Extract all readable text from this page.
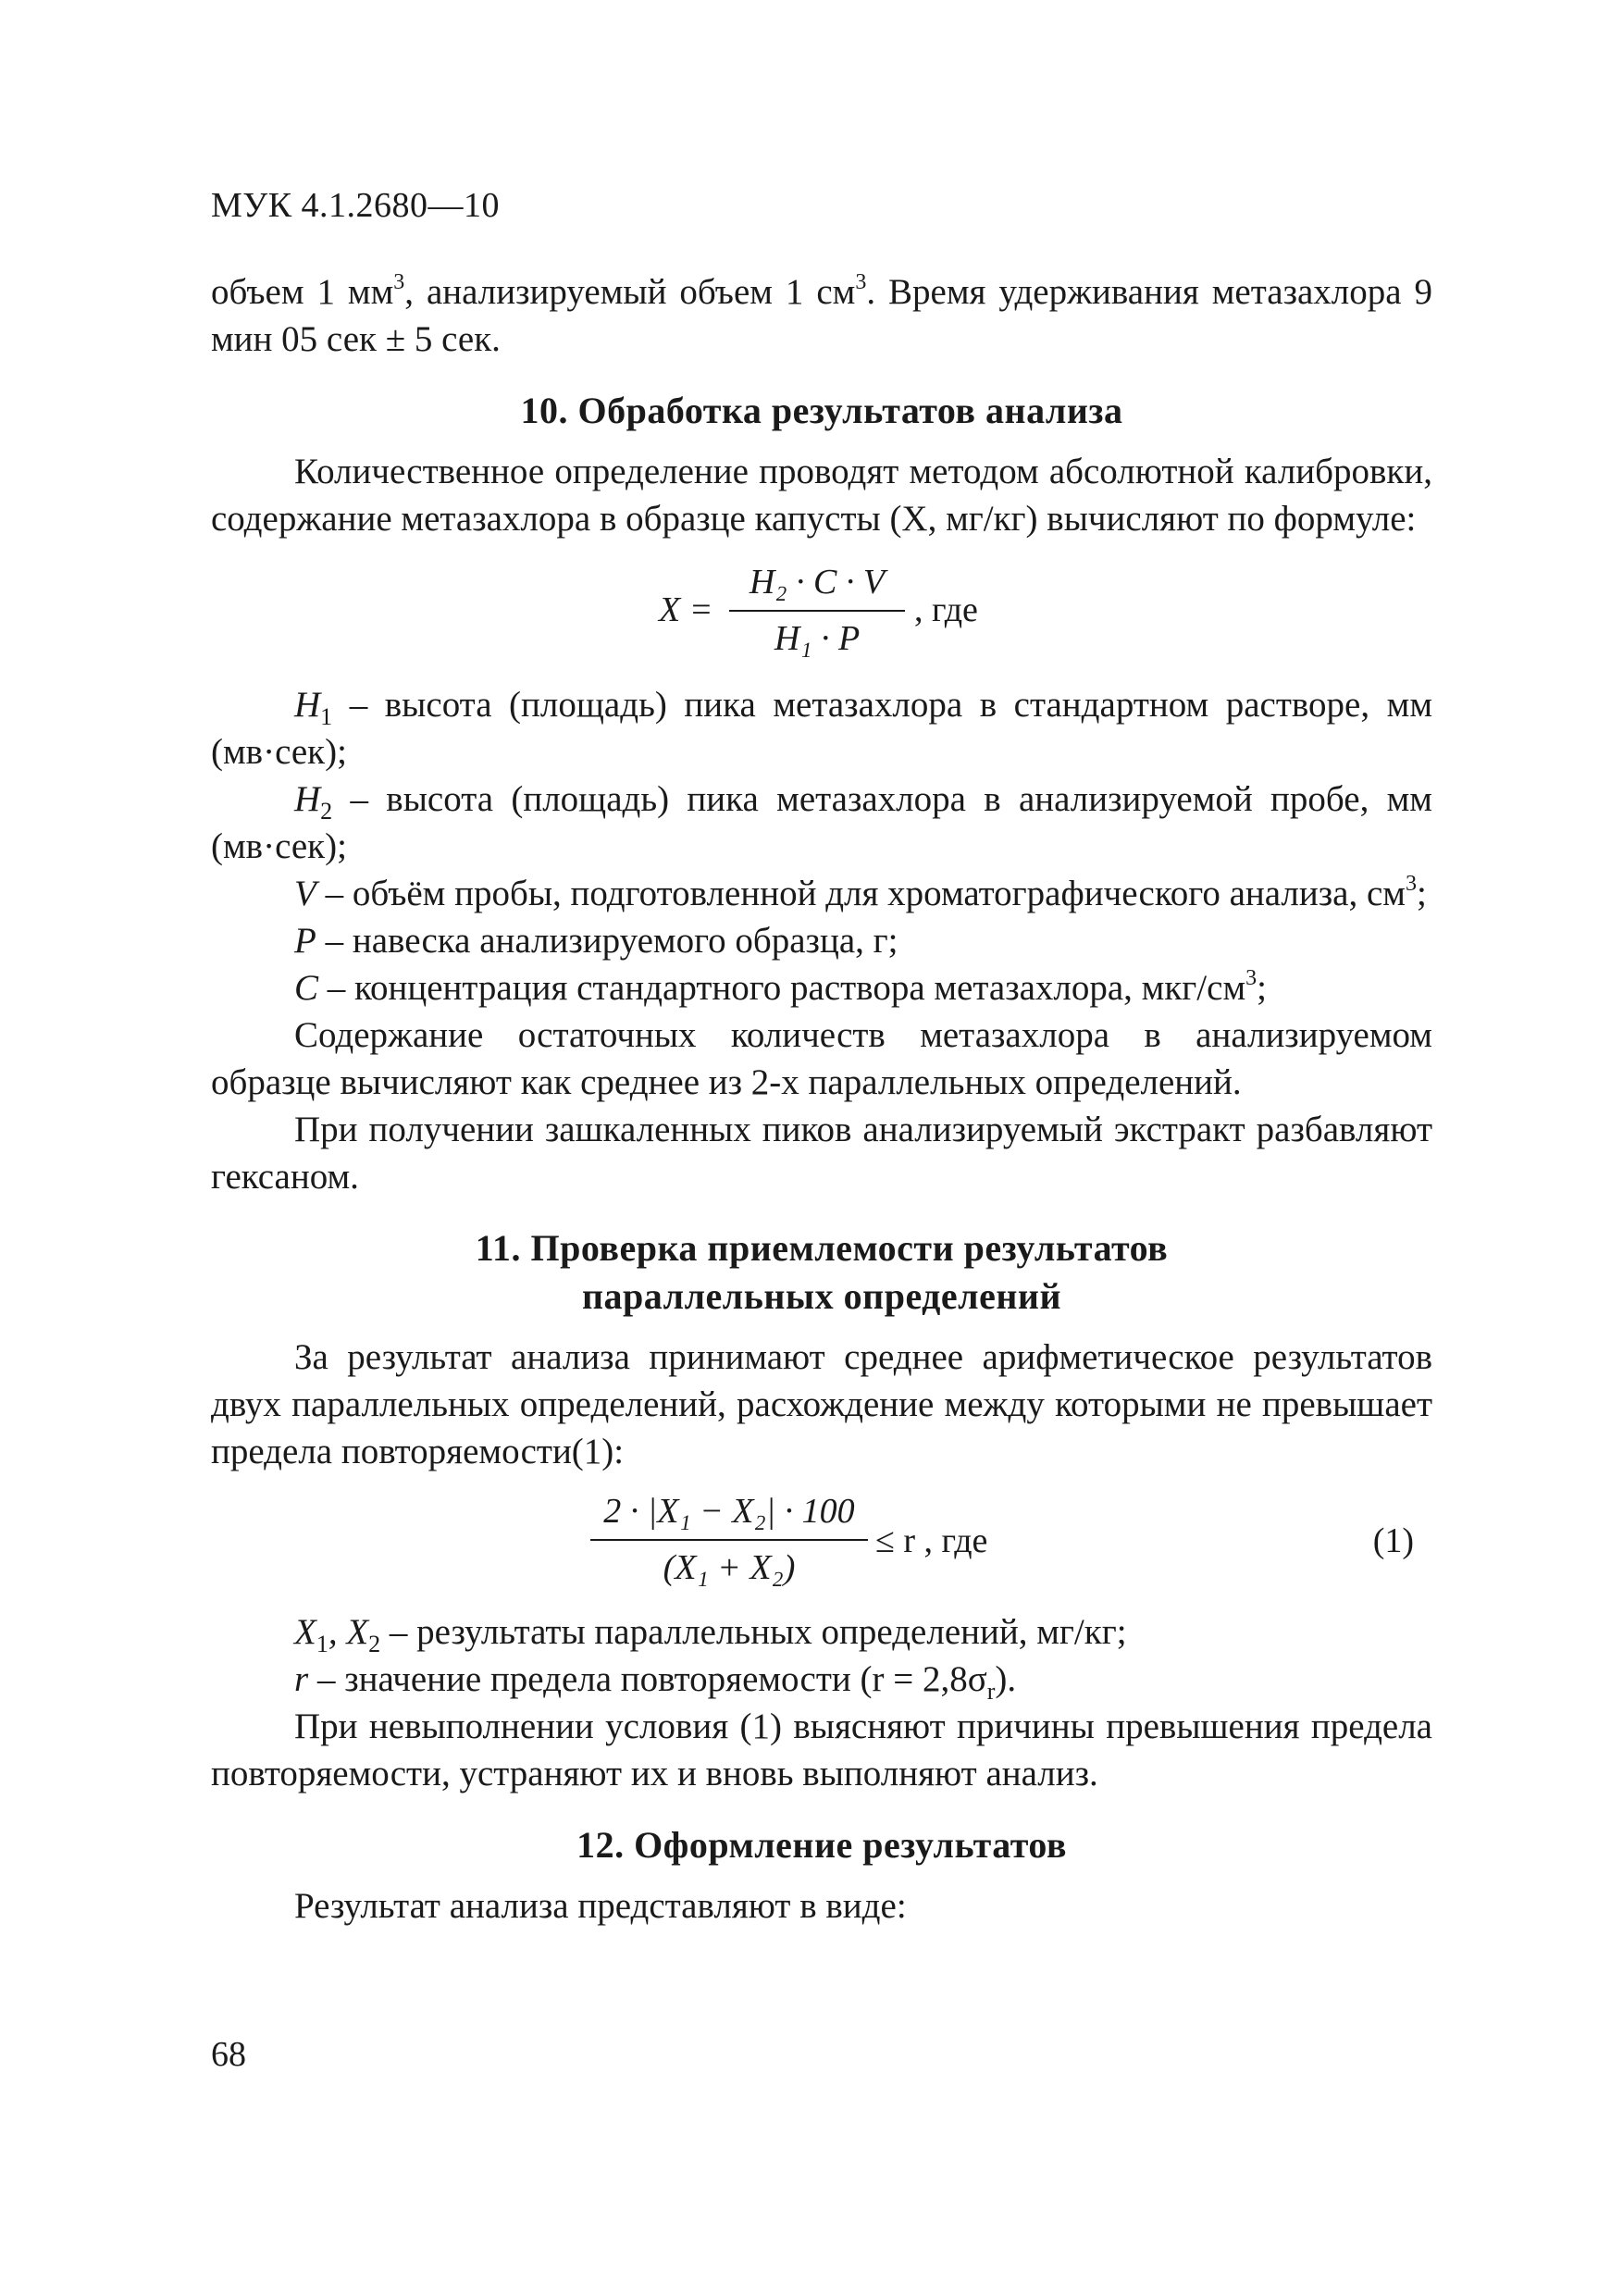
МУК 4.1.2680—10

объем 1 $мм^3$, анализируемый объем 1 $см^3$. Время удерживания метазахлора 9 мин 05 сек ± 5 сек.

10. Обработка результатов анализа

Количественное определение проводят методом абсолютной калибровки, содержание метазахлора в образце капусты (X, мг/кг) вычисляют по формуле:

X =
H₂ · C · V
H₁ · P
, где

$H_1$ – высота (площадь) пика метазахлора в стандартном растворе, мм (мв·сек);

$H_2$ – высота (площадь) пика метазахлора в анализируемой пробе, мм (мв·сек);

V – объём пробы, подготовленной для хроматографического анализа, $см^3$;

P – навеска анализируемого образца, г;

C – концентрация стандартного раствора метазахлора, мкг/$см^3$;

Содержание остаточных количеств метазахлора в анализируемом образце вычисляют как среднее из 2-х параллельных определений.

При получении зашкаленных пиков анализируемый экстракт разбавляют гексаном.

11. Проверка приемлемости результатов
параллельных определений

За результат анализа принимают среднее арифметическое результатов двух параллельных определений, расхождение между которыми не превышает предела повторяемости(1):

2 · |X₁ − X₂| · 100
(X₁ + X₂)
≤ r , где	(1)

$X_1$, $X_2$ – результаты параллельных определений, мг/кг;

r – значение предела повторяемости $(r = 2,8\sigma_r)$.

При невыполнении условия (1) выясняют причины превышения предела повторяемости, устраняют их и вновь выполняют анализ.

12. Оформление результатов

Результат анализа представляют в виде:

68
